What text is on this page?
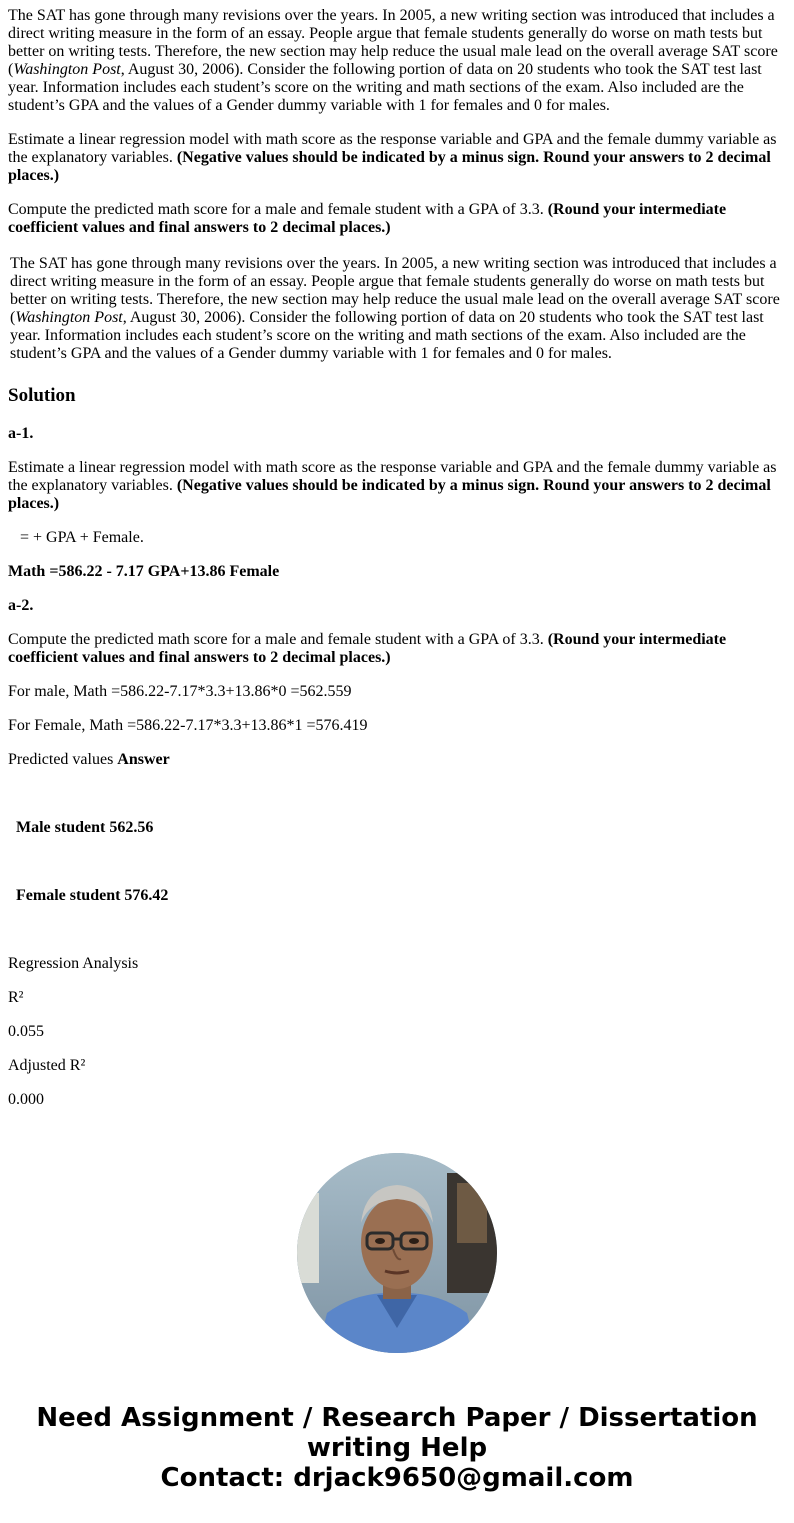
The SAT has gone through many revisions over the years. In 2005, a new writing section was introduced that includes a direct writing measure in the form of an essay. People argue that female students generally do worse on math tests but better on writing tests. Therefore, the new section may help reduce the usual male lead on the overall average SAT score (Washington Post, August 30, 2006). Consider the following portion of data on 20 students who took the SAT test last year. Information includes each student’s score on the writing and math sections of the exam. Also included are the student’s GPA and the values of a Gender dummy variable with 1 for females and 0 for males.

Estimate a linear regression model with math score as the response variable and GPA and the female dummy variable as the explanatory variables. (Negative values should be indicated by a minus sign. Round your answers to 2 decimal places.)

Compute the predicted math score for a male and female student with a GPA of 3.3. (Round your intermediate coefficient values and final answers to 2 decimal places.)

The SAT has gone through many revisions over the years. In 2005, a new writing section was introduced that includes a direct writing measure in the form of an essay. People argue that female students generally do worse on math tests but better on writing tests. Therefore, the new section may help reduce the usual male lead on the overall average SAT score (Washington Post, August 30, 2006). Consider the following portion of data on 20 students who took the SAT test last year. Information includes each student’s score on the writing and math sections of the exam. Also included are the student’s GPA and the values of a Gender dummy variable with 1 for females and 0 for males.

Solution
a-1.

Estimate a linear regression model with math score as the response variable and GPA and the female dummy variable as the explanatory variables. (Negative values should be indicated by a minus sign. Round your answers to 2 decimal places.)

= + GPA + Female.
Math =586.22 - 7.17 GPA+13.86 Female
a-2.

Compute the predicted math score for a male and female student with a GPA of 3.3. (Round your intermediate coefficient values and final answers to 2 decimal places.)

For male, Math =586.22-7.17*3.3+13.86*0 =562.559
For Female, Math =586.22-7.17*3.3+13.86*1 =576.419
Predicted values Answer
Male student 562.56
Female student 576.42
Regression Analysis
R²
0.055
Adjusted R²
0.000
Need Assignment / Research Paper / Dissertation
writing Help
Contact: drjack9650@gmail.com
